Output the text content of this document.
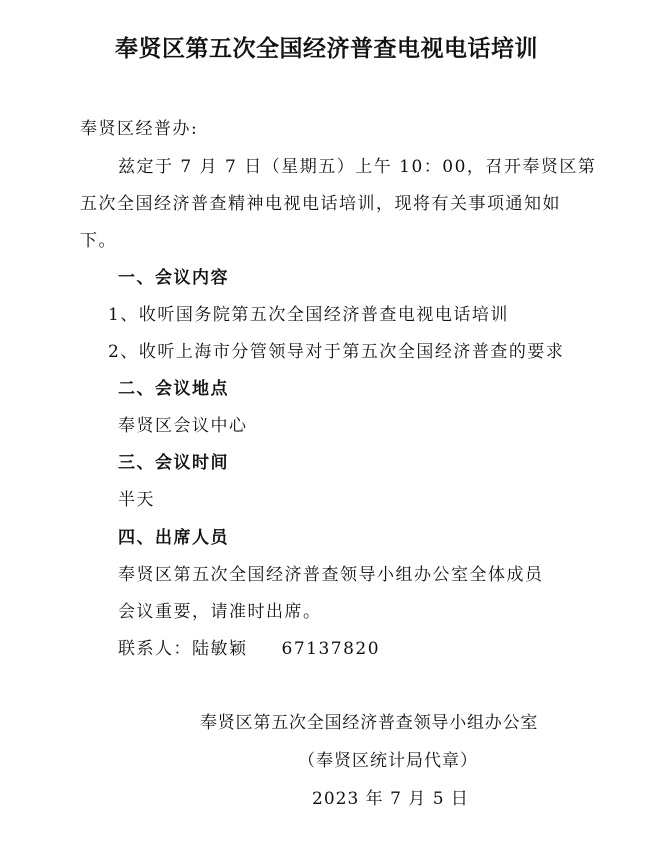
奉贤区第五次全国经济普查电视电话培训
奉贤区经普办:
兹定于 7 月 7 日（星期五）上午 10：00，召开奉贤区第
五次全国经济普查精神电视电话培训，现将有关事项通知如
下。
一、会议内容
1、收听国务院第五次全国经济普查电视电话培训
2、收听上海市分管领导对于第五次全国经济普查的要求
二、会议地点
奉贤区会议中心
三、会议时间
半天
四、出席人员
奉贤区第五次全国经济普查领导小组办公室全体成员
会议重要，请准时出席。
联系人：陆敏颖 67137820
奉贤区第五次全国经济普查领导小组办公室
（奉贤区统计局代章）
2023 年 7 月 5 日
